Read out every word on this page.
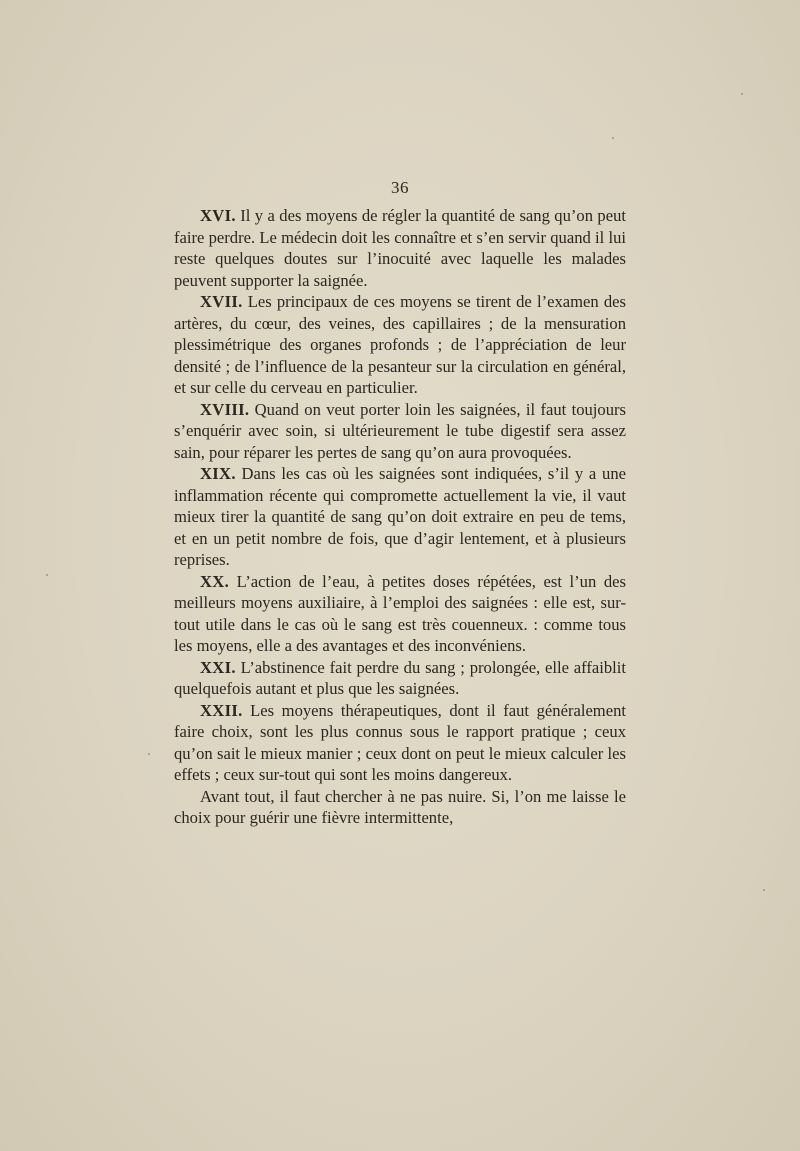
36

XVI. Il y a des moyens de régler la quantité de sang qu’on peut faire perdre. Le médecin doit les connaître et s’en servir quand il lui reste quelques doutes sur l’inocuité avec laquelle les malades peuvent supporter la saignée.

XVII. Les principaux de ces moyens se tirent de l’examen des artères, du cœur, des veines, des capillaires ; de la mensuration plessimétrique des organes profonds ; de l’appréciation de leur densité ; de l’influence de la pesanteur sur la circulation en général, et sur celle du cerveau en particulier.

XVIII. Quand on veut porter loin les saignées, il faut toujours s’enquérir avec soin, si ultérieurement le tube digestif sera assez sain, pour réparer les pertes de sang qu’on aura provoquées.

XIX. Dans les cas où les saignées sont indiquées, s’il y a une inflammation récente qui compromette actuellement la vie, il vaut mieux tirer la quantité de sang qu’on doit extraire en peu de tems, et en un petit nombre de fois, que d’agir lentement, et à plusieurs reprises.

XX. L’action de l’eau, à petites doses répétées, est l’un des meilleurs moyens auxiliaire, à l’emploi des saignées : elle est, sur-tout utile dans le cas où le sang est très couenneux. : comme tous les moyens, elle a des avantages et des inconvéniens.

XXI. L’abstinence fait perdre du sang ; prolongée, elle affaiblit quelquefois autant et plus que les saignées.

XXII. Les moyens thérapeutiques, dont il faut généralement faire choix, sont les plus connus sous le rapport pratique ; ceux qu’on sait le mieux manier ; ceux dont on peut le mieux calculer les effets ; ceux sur-tout qui sont les moins dangereux.

Avant tout, il faut chercher à ne pas nuire. Si, l’on me laisse le choix pour guérir une fièvre intermittente,
